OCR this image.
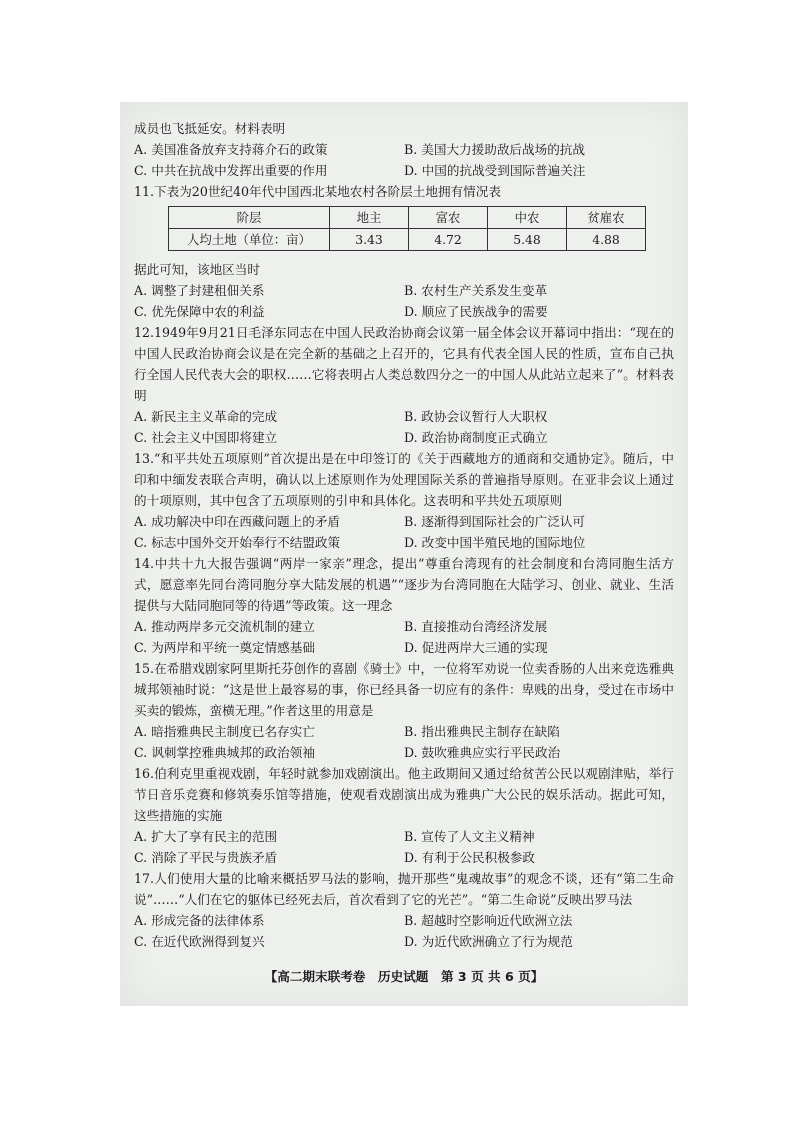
成员也飞抵延安。材料表明

A. 美国准备放弃支持蒋介石的政策	B. 美国大力援助敌后战场的抗战
C. 中共在抗战中发挥出重要的作用	D. 中国的抗战受到国际普遍关注

11.下表为20世纪40年代中国西北某地农村各阶层土地拥有情况表

阶层	地主	富农	中农	贫雇农
人均土地（单位：亩）	3.43	4.72	5.48	4.88

据此可知，该地区当时

A. 调整了封建租佃关系	B. 农村生产关系发生变革
C. 优先保障中农的利益	D. 顺应了民族战争的需要

12.1949年9月21日毛泽东同志在中国人民政治协商会议第一届全体会议开幕词中指出：“现在的中国人民政治协商会议是在完全新的基础之上召开的，它具有代表全国人民的性质，宣布自己执行全国人民代表大会的职权……它将表明占人类总数四分之一的中国人从此站立起来了”。材料表明

A. 新民主主义革命的完成	B. 政协会议暂行人大职权
C. 社会主义中国即将建立	D. 政治协商制度正式确立

13.“和平共处五项原则”首次提出是在中印签订的《关于西藏地方的通商和交通协定》。随后，中印和中缅发表联合声明，确认以上述原则作为处理国际关系的普遍指导原则。在亚非会议上通过的十项原则，其中包含了五项原则的引申和具体化。这表明和平共处五项原则

A. 成功解决中印在西藏问题上的矛盾	B. 逐渐得到国际社会的广泛认可
C. 标志中国外交开始奉行不结盟政策	D. 改变中国半殖民地的国际地位

14.中共十九大报告强调“两岸一家亲”理念，提出“尊重台湾现有的社会制度和台湾同胞生活方式，愿意率先同台湾同胞分享大陆发展的机遇”“逐步为台湾同胞在大陆学习、创业、就业、生活提供与大陆同胞同等的待遇”等政策。这一理念

A. 推动两岸多元交流机制的建立	B. 直接推动台湾经济发展
C. 为两岸和平统一奠定情感基础	D. 促进两岸大三通的实现

15.在希腊戏剧家阿里斯托芬创作的喜剧《骑士》中，一位将军劝说一位卖香肠的人出来竞选雅典城邦领袖时说：“这是世上最容易的事，你已经具备一切应有的条件：卑贱的出身，受过在市场中买卖的锻炼，蛮横无理。”作者这里的用意是

A. 暗指雅典民主制度已名存实亡	B. 指出雅典民主制存在缺陷
C. 讽刺掌控雅典城邦的政治领袖	D. 鼓吹雅典应实行平民政治

16.伯利克里重视戏剧，年轻时就参加戏剧演出。他主政期间又通过给贫苦公民以观剧津贴，举行节日音乐竞赛和修筑奏乐馆等措施，使观看戏剧演出成为雅典广大公民的娱乐活动。据此可知，这些措施的实施

A. 扩大了享有民主的范围	B. 宣传了人文主义精神
C. 消除了平民与贵族矛盾	D. 有利于公民积极参政

17.人们使用大量的比喻来概括罗马法的影响，抛开那些“鬼魂故事”的观念不谈，还有“第二生命说”……“人们在它的躯体已经死去后，首次看到了它的光芒”。“第二生命说”反映出罗马法

A. 形成完备的法律体系	B. 超越时空影响近代欧洲立法
C. 在近代欧洲得到复兴	D. 为近代欧洲确立了行为规范
【高二期末联考卷　历史试题　第 3 页 共 6 页】
